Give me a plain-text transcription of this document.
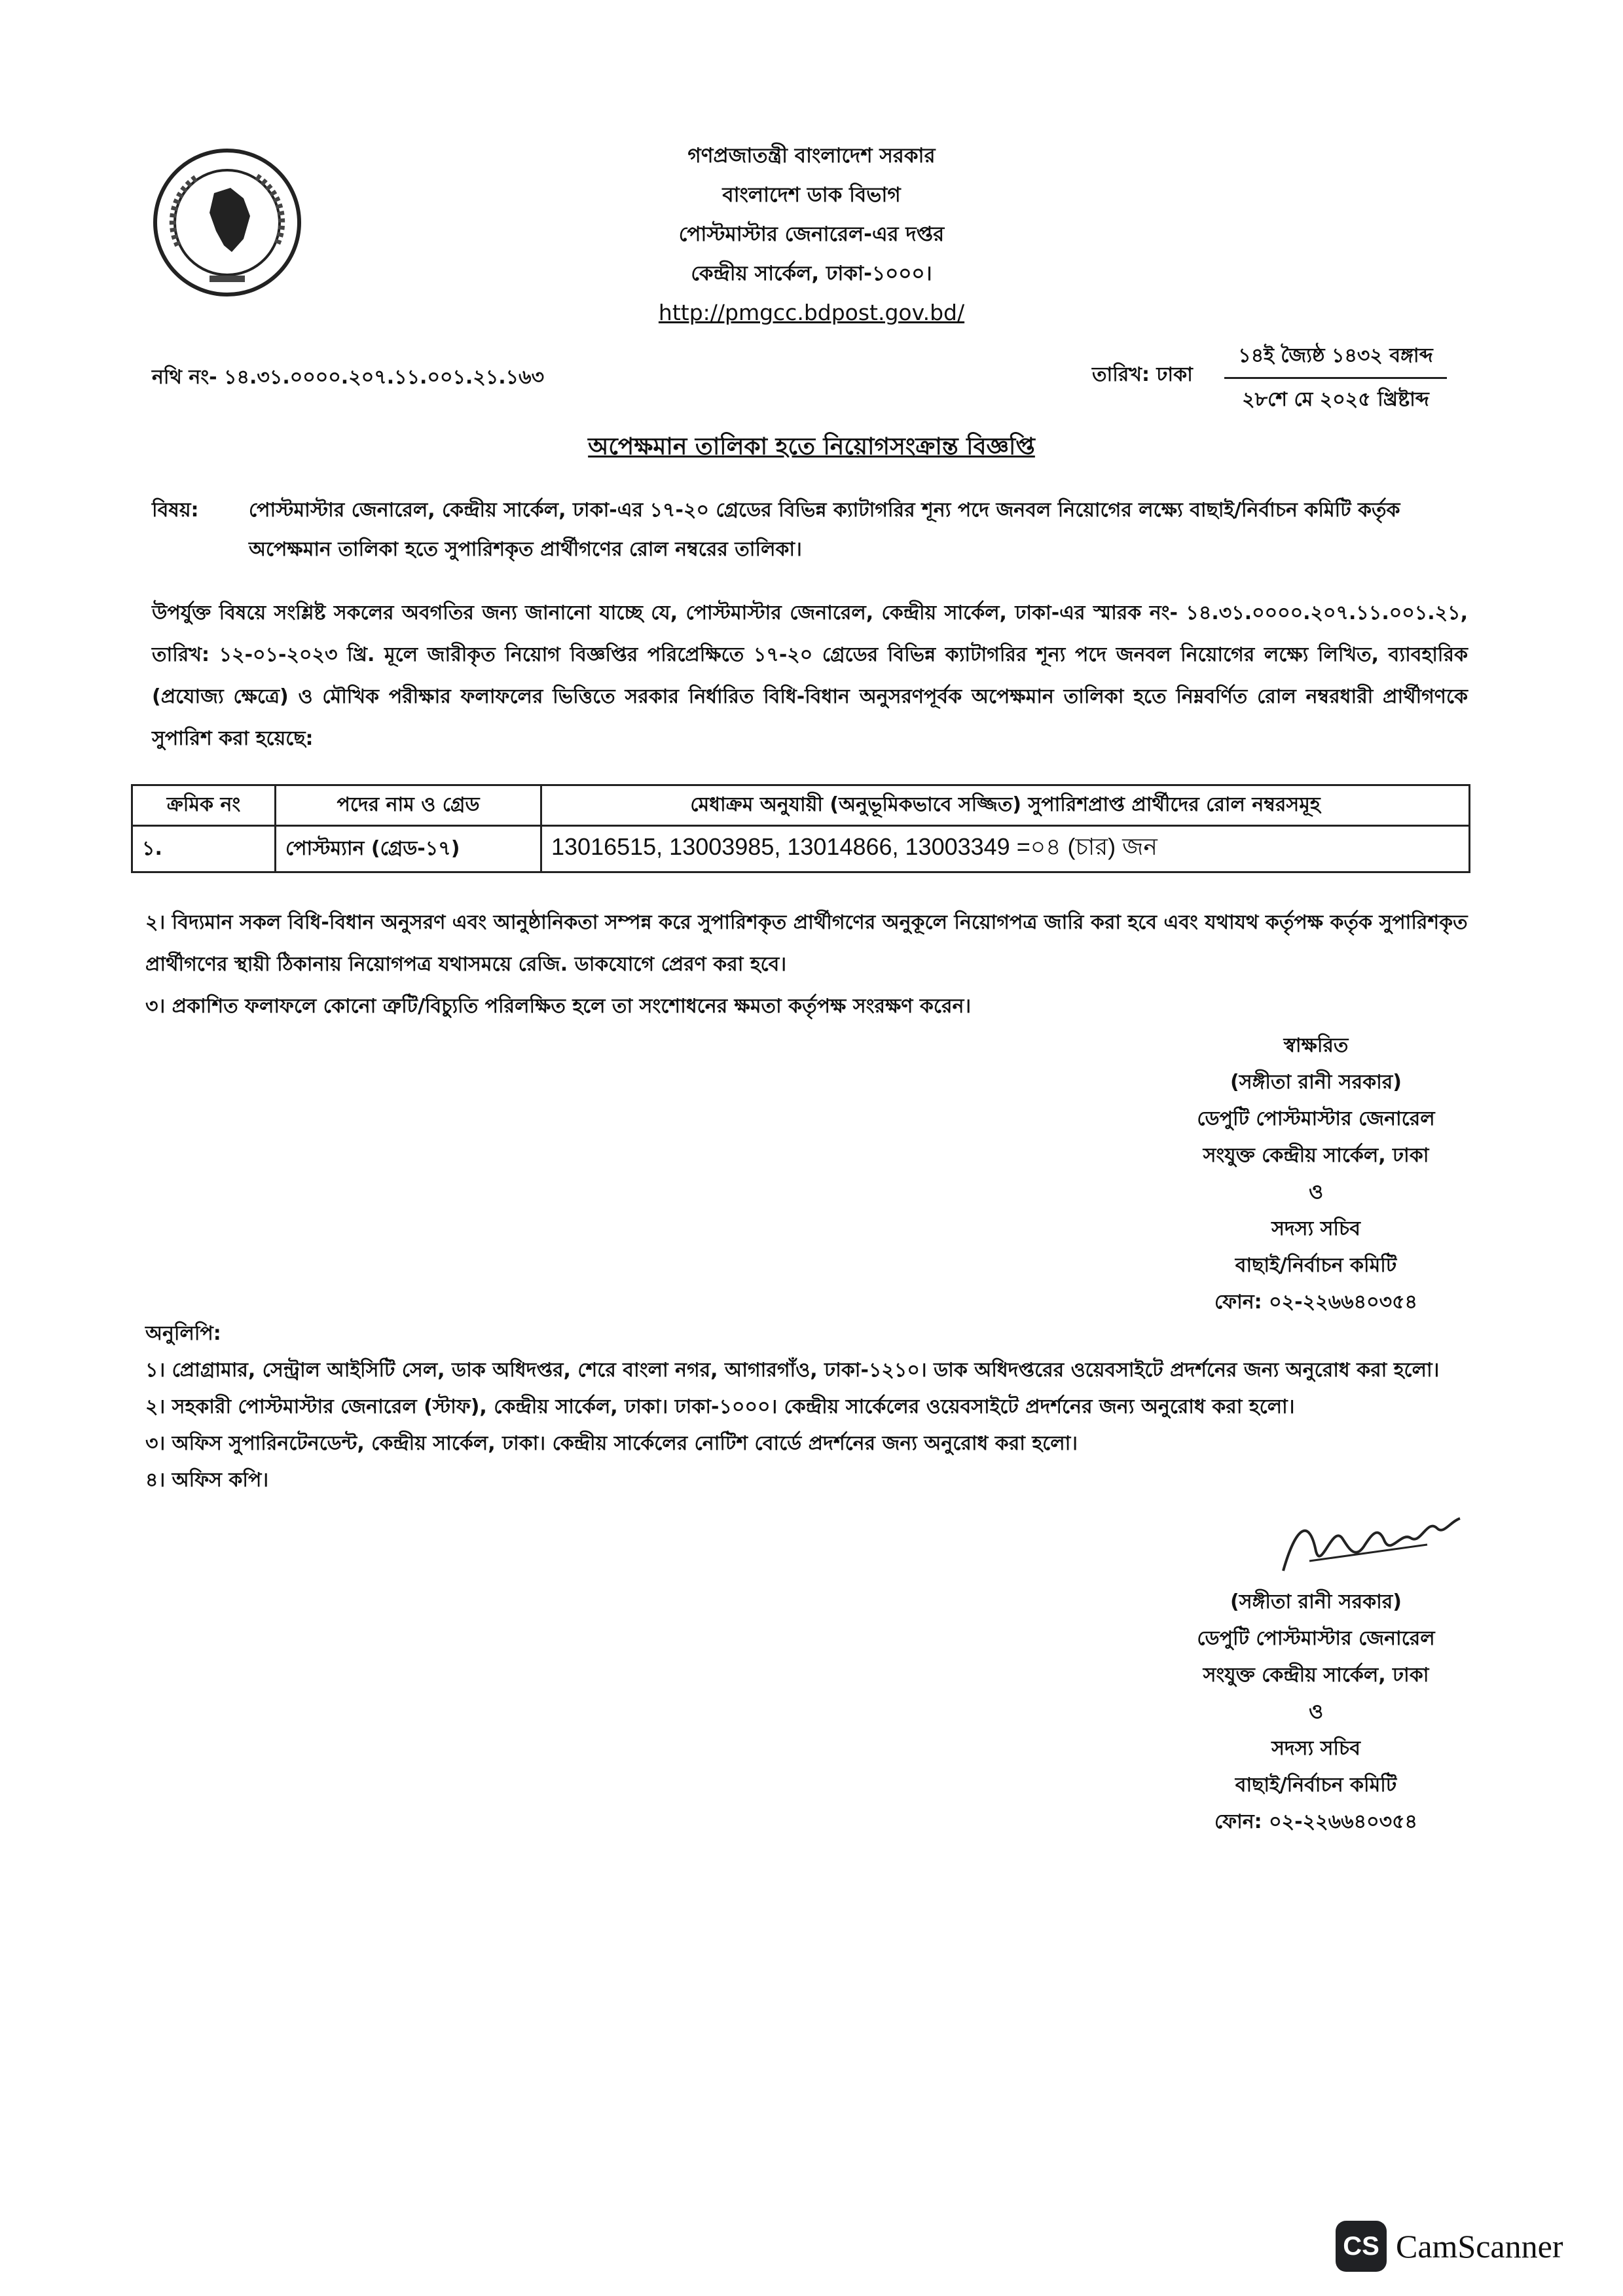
গণপ্রজাতন্ত্রী বাংলাদেশ সরকার
বাংলাদেশ ডাক বিভাগ
পোস্টমাস্টার জেনারেল-এর দপ্তর
কেন্দ্রীয় সার্কেল, ঢাকা-১০০০।
http://pmgcc.bdpost.gov.bd/
নথি নং- ১৪.৩১.০০০০.২০৭.১১.০০১.২১.১৬৩	তারিখ: ঢাকা
১৪ই জ্যৈষ্ঠ ১৪৩২ বঙ্গাব্দ
২৮শে মে ২০২৫ খ্রিষ্টাব্দ
অপেক্ষমান তালিকা হতে নিয়োগসংক্রান্ত বিজ্ঞপ্তি
বিষয়:	পোস্টমাস্টার জেনারেল, কেন্দ্রীয় সার্কেল, ঢাকা-এর ১৭-২০ গ্রেডের বিভিন্ন ক্যাটাগরির শূন্য পদে জনবল নিয়োগের লক্ষ্যে বাছাই/নির্বাচন কমিটি কর্তৃক অপেক্ষমান তালিকা হতে সুপারিশকৃত প্রার্থীগণের রোল নম্বরের তালিকা।
উপর্যুক্ত বিষয়ে সংশ্লিষ্ট সকলের অবগতির জন্য জানানো যাচ্ছে যে, পোস্টমাস্টার জেনারেল, কেন্দ্রীয় সার্কেল, ঢাকা-এর স্মারক নং- ১৪.৩১.০০০০.২০৭.১১.০০১.২১, তারিখ: ১২-০১-২০২৩ খ্রি. মূলে জারীকৃত নিয়োগ বিজ্ঞপ্তির পরিপ্রেক্ষিতে ১৭-২০ গ্রেডের বিভিন্ন ক্যাটাগরির শূন্য পদে জনবল নিয়োগের লক্ষ্যে লিখিত, ব্যাবহারিক (প্রযোজ্য ক্ষেত্রে) ও মৌখিক পরীক্ষার ফলাফলের ভিত্তিতে সরকার নির্ধারিত বিধি-বিধান অনুসরণপূর্বক অপেক্ষমান তালিকা হতে নিম্নবর্ণিত রোল নম্বরধারী প্রার্থীগণকে সুপারিশ করা হয়েছে:
ক্রমিক নং	পদের নাম ও গ্রেড	মেধাক্রম অনুযায়ী (অনুভূমিকভাবে সজ্জিত) সুপারিশপ্রাপ্ত প্রার্থীদের রোল নম্বরসমূহ
১.	পোস্টম্যান (গ্রেড-১৭)	13016515, 13003985, 13014866, 13003349 =০৪ (চার) জন

২। বিদ্যমান সকল বিধি-বিধান অনুসরণ এবং আনুষ্ঠানিকতা সম্পন্ন করে সুপারিশকৃত প্রার্থীগণের অনুকূলে নিয়োগপত্র জারি করা হবে এবং যথাযথ কর্তৃপক্ষ কর্তৃক সুপারিশকৃত প্রার্থীগণের স্থায়ী ঠিকানায় নিয়োগপত্র যথাসময়ে রেজি. ডাকযোগে প্রেরণ করা হবে।

৩। প্রকাশিত ফলাফলে কোনো ত্রুটি/বিচ্যুতি পরিলক্ষিত হলে তা সংশোধনের ক্ষমতা কর্তৃপক্ষ সংরক্ষণ করেন।

স্বাক্ষরিত
(সঙ্গীতা রানী সরকার)
ডেপুটি পোস্টমাস্টার জেনারেল
সংযুক্ত কেন্দ্রীয় সার্কেল, ঢাকা
ও
সদস্য সচিব
বাছাই/নির্বাচন কমিটি
ফোন: ০২-২২৬৬৪০৩৫৪

অনুলিপি:

১। প্রোগ্রামার, সেন্ট্রাল আইসিটি সেল, ডাক অধিদপ্তর, শেরে বাংলা নগর, আগারগাঁও, ঢাকা-১২১০। ডাক অধিদপ্তরের ওয়েবসাইটে প্রদর্শনের জন্য অনুরোধ করা হলো।

২। সহকারী পোস্টমাস্টার জেনারেল (স্টাফ), কেন্দ্রীয় সার্কেল, ঢাকা। ঢাকা-১০০০। কেন্দ্রীয় সার্কেলের ওয়েবসাইটে প্রদর্শনের জন্য অনুরোধ করা হলো।

৩। অফিস সুপারিনটেনডেন্ট, কেন্দ্রীয় সার্কেল, ঢাকা। কেন্দ্রীয় সার্কেলের নোটিশ বোর্ডে প্রদর্শনের জন্য অনুরোধ করা হলো।

৪। অফিস কপি।

(সঙ্গীতা রানী সরকার)
ডেপুটি পোস্টমাস্টার জেনারেল
সংযুক্ত কেন্দ্রীয় সার্কেল, ঢাকা
ও
সদস্য সচিব
বাছাই/নির্বাচন কমিটি
ফোন: ০২-২২৬৬৪০৩৫৪
CS CamScanner
